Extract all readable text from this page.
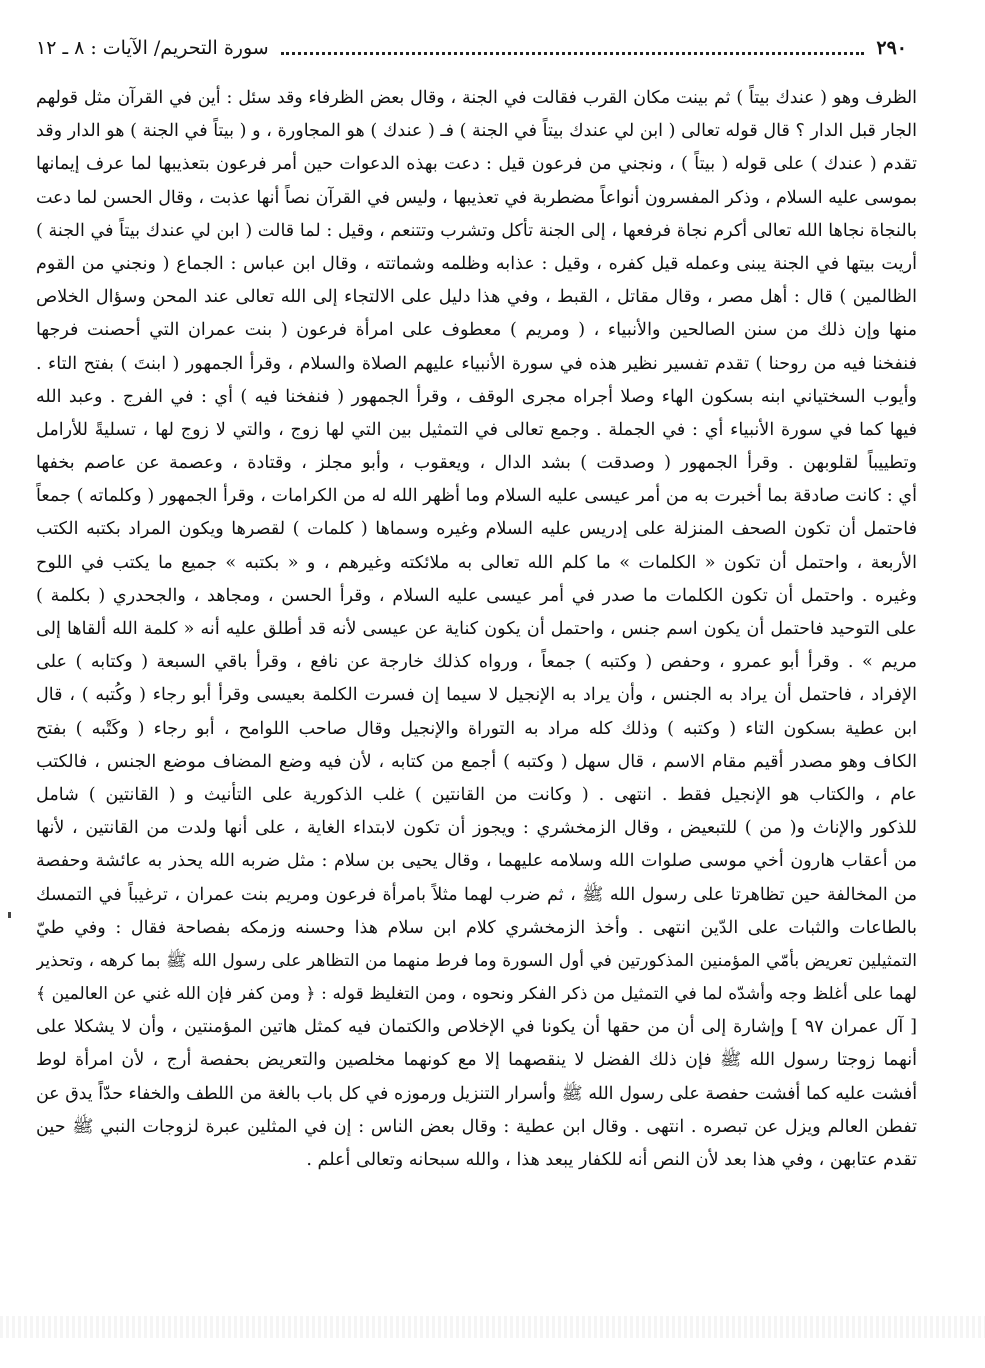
٢٩٠
سورة التحريم/ الآيات : ٨ ـ ١٢
الظرف وهو ( عندك بيتاً ) ثم بينت مكان القرب فقالت في الجنة ، وقال بعض الظرفاء وقد سئل : أين في القرآن مثل قولهم
الجار قبل الدار ؟ قال قوله تعالى ( ابن لي عندك بيتاً في الجنة ) فـ ( عندك ) هو المجاورة ، و ( بيتاً في الجنة ) هو الدار وقد
تقدم ( عندك ) على قوله ( بيتاً ) ، ونجني من فرعون قيل : دعت بهذه الدعوات حين أمر فرعون بتعذيبها لما عرف إيمانها
بموسى عليه السلام ، وذكر المفسرون أنواعاً مضطربة في تعذيبها ، وليس في القرآن نصاً أنها عذبت ، وقال الحسن لما دعت
بالنجاة نجاها الله تعالى أكرم نجاة فرفعها ، إلى الجنة تأكل وتشرب وتتنعم ، وقيل : لما قالت ( ابن لي عندك بيتاً في الجنة )
أريت بيتها في الجنة يبنى وعمله قيل كفره ، وقيل : عذابه وظلمه وشماتته ، وقال ابن عباس : الجماع ( ونجني من القوم
الظالمين ) قال : أهل مصر ، وقال مقاتل ، القبط ، وفي هذا دليل على الالتجاء إلى الله تعالى عند المحن وسؤال الخلاص
منها وإن ذلك من سنن الصالحين والأنبياء ، ( ومريم ) معطوف على امرأة فرعون ( بنت عمران التي أحصنت فرجها
فنفخنا فيه من روحنا ) تقدم تفسير نظير هذه في سورة الأنبياء عليهم الصلاة والسلام ، وقرأ الجمهور ( ابنتَ ) بفتح التاء .
وأيوب السختياني ابنه بسكون الهاء وصلا أجراه مجرى الوقف ، وقرأ الجمهور ( فنفخنا فيه ) أي : في الفرج . وعبد الله
فيها كما في سورة الأنبياء أي : في الجملة . وجمع تعالى في التمثيل بين التي لها زوج ، والتي لا زوج لها ، تسليةً للأرامل
وتطييباً لقلوبهن . وقرأ الجمهور ( وصدقت ) بشد الدال ، ويعقوب ، وأبو مجلز ، وقتادة ، وعصمة عن عاصم بخفها
أي : كانت صادقة بما أخبرت به من أمر عيسى عليه السلام وما أظهر الله له من الكرامات ، وقرأ الجمهور ( وكلماته ) جمعاً
فاحتمل أن تكون الصحف المنزلة على إدريس عليه السلام وغيره وسماها ( كلمات ) لقصرها ويكون المراد بكتبه الكتب
الأربعة ، واحتمل أن تكون « الكلمات » ما كلم الله تعالى به ملائكته وغيرهم ، و « بكتبه » جميع ما يكتب في اللوح
وغيره . واحتمل أن تكون الكلمات ما صدر في أمر عيسى عليه السلام ، وقرأ الحسن ، ومجاهد ، والجحدري ( بكلمة )
على التوحيد فاحتمل أن يكون اسم جنس ، واحتمل أن يكون كناية عن عيسى لأنه قد أطلق عليه أنه « كلمة الله ألقاها إلى
مريم » . وقرأ أبو عمرو ، وحفص ( وكتبه ) جمعاً ، ورواه كذلك خارجة عن نافع ، وقرأ باقي السبعة ( وكتابه ) على
الإفراد ، فاحتمل أن يراد به الجنس ، وأن يراد به الإنجيل لا سيما إن فسرت الكلمة بعيسى وقرأ أبو رجاء ( وكُتبه ) ، قال
ابن عطية بسكون التاء ( وكتبه ) وذلك كله مراد به التوراة والإنجيل وقال صاحب اللوامح ، أبو رجاء ( وكَتْبه ) بفتح
الكاف وهو مصدر أقيم مقام الاسم ، قال سهل ( وكتبه ) أجمع من كتابه ، لأن فيه وضع المضاف موضع الجنس ، فالكتب
عام ، والكتاب هو الإنجيل فقط . انتهى . ( وكانت من القانتين ) غلب الذكورية على التأنيث و ( القانتين ) شامل
للذكور والإناث و( من ) للتبعيض ، وقال الزمخشري : ويجوز أن تكون لابتداء الغاية ، على أنها ولدت من القانتين ، لأنها
من أعقاب هارون أخي موسى صلوات الله وسلامه عليهما ، وقال يحيى بن سلام : مثل ضربه الله يحذر به عائشة وحفصة
من المخالفة حين تظاهرتا على رسول الله ﷺ ، ثم ضرب لهما مثلاً بامرأة فرعون ومريم بنت عمران ، ترغيباً في التمسك
بالطاعات والثبات على الدّين انتهى . وأخذ الزمخشري كلام ابن سلام هذا وحسنه وزمكه بفصاحة فقال : وفي طيّ
التمثيلين تعريض بأمّي المؤمنين المذكورتين في أول السورة وما فرط منهما من التظاهر على رسول الله ﷺ بما كرهه ، وتحذير
لهما على أغلظ وجه وأشدّه لما في التمثيل من ذكر الفكر ونحوه ، ومن التغليظ قوله : ﴿ ومن كفر فإن الله غني عن العالمين ﴾
[ آل عمران ٩٧ ] وإشارة إلى أن من حقها أن يكونا في الإخلاص والكتمان فيه كمثل هاتين المؤمنتين ، وأن لا يشكلا على
أنهما زوجتا رسول الله ﷺ فإن ذلك الفضل لا ينقصهما إلا مع كونهما مخلصين والتعريض بحفصة أرج ، لأن امرأة لوط
أفشت عليه كما أفشت حفصة على رسول الله ﷺ وأسرار التنزيل ورموزه في كل باب بالغة من اللطف والخفاء حدّاً يدق عن
تفطن العالم ويزل عن تبصره . انتهى . وقال ابن عطية : وقال بعض الناس : إن في المثلين عبرة لزوجات النبي ﷺ حين
تقدم عتابهن ، وفي هذا بعد لأن النص أنه للكفار يبعد هذا ، والله سبحانه وتعالى أعلم .
